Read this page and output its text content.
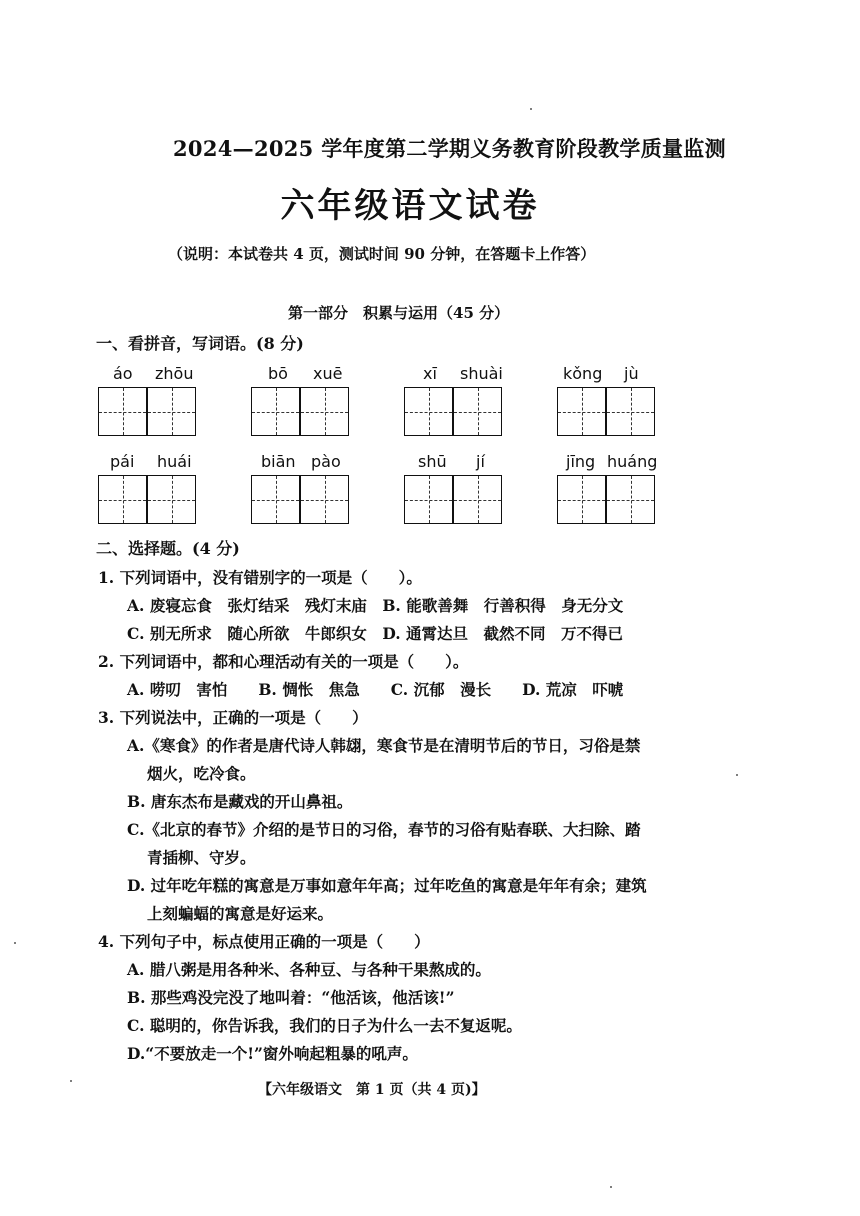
2024—2025 学年度第二学期义务教育阶段教学质量监测
六年级语文试卷
（说明：本试卷共 4 页，测试时间 90 分钟，在答题卡上作答）
第一部分　积累与运用（45 分）
一、看拼音，写词语。(8 分)
áo zhōu	bō xuē	xī shuài	kǒng jù
pái huái	biān pào	shū jí	jīng huáng
二、选择题。(4 分)
1. 下列词语中，没有错别字的一项是（　　）。
A. 废寝忘食　张灯结采　残灯末庙　B. 能歌善舞　行善积得　身无分文
C. 别无所求　随心所欲　牛郎织女　D. 通霄达旦　截然不同　万不得已
2. 下列词语中，都和心理活动有关的一项是（　　）。
A. 唠叨　害怕　　B. 惆怅　焦急　　C. 沉郁　漫长　　D. 荒凉　吓唬
3. 下列说法中，正确的一项是（　　）
A.《寒食》的作者是唐代诗人韩翃，寒食节是在清明节后的节日，习俗是禁
烟火，吃冷食。
B. 唐东杰布是藏戏的开山鼻祖。
C.《北京的春节》介绍的是节日的习俗，春节的习俗有贴春联、大扫除、踏
青插柳、守岁。
D. 过年吃年糕的寓意是万事如意年年高；过年吃鱼的寓意是年年有余；建筑
上刻蝙蝠的寓意是好运来。
4. 下列句子中，标点使用正确的一项是（　　）
A. 腊八粥是用各种米、各种豆、与各种干果熬成的。
B. 那些鸡没完没了地叫着：“他活该，他活该!”
C. 聪明的，你告诉我，我们的日子为什么一去不复返呢。
D.“不要放走一个!”窗外响起粗暴的吼声。
【六年级语文　第 1 页（共 4 页)】
